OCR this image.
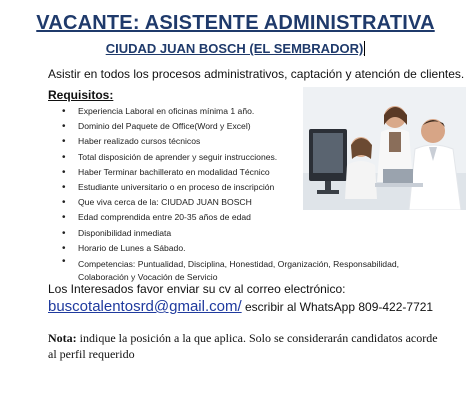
VACANTE: ASISTENTE ADMINISTRATIVA
CIUDAD JUAN BOSCH (EL SEMBRADOR)
Asistir en todos los procesos administrativos, captación y atención de clientes.
Requisitos:
• Experiencia Laboral en oficinas mínima 1 año.
• Dominio del Paquete de Office(Word y Excel)
• Haber realizado cursos técnicos
• Total disposición de aprender y seguir instrucciones.
• Haber Terminar bachillerato en modalidad Técnico
• Estudiante universitario o en proceso de inscripción
• Que viva cerca de la: CIUDAD JUAN BOSCH
• Edad comprendida entre 20-35 años de edad
• Disponibilidad inmediata
• Horario de Lunes a Sábado.
• Competencias: Puntualidad, Disciplina, Honestidad, Organización, Responsabilidad, Colaboración y Vocación de Servicio
Los Interesados favor enviar su cv al correo electrónico:
buscotalentosrd@gmail.com/ escribir al WhatsApp 809-422-7721
Nota: indique la posición a la que aplica. Solo se considerarán candidatos acorde al perfil requerido
